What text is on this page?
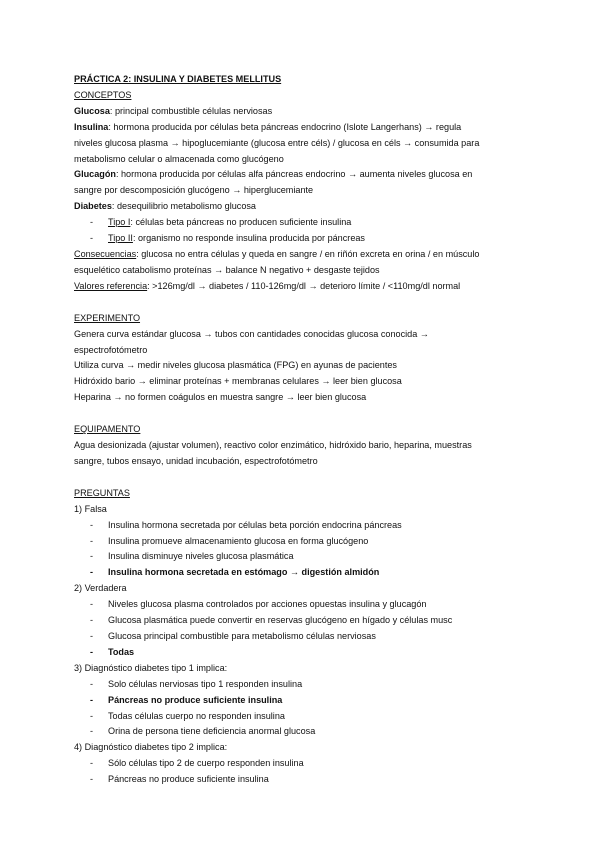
PRÁCTICA 2: INSULINA Y DIABETES MELLITUS
CONCEPTOS
Glucosa: principal combustible células nerviosas
Insulina: hormona producida por células beta páncreas endocrino (Islote Langerhans) → regula
niveles glucosa plasma → hipoglucemiante (glucosa entre céls) / glucosa en céls → consumida para
metabolismo celular o almacenada como glucógeno
Glucagón: hormona producida por células alfa páncreas endocrino → aumenta niveles glucosa en
sangre por descomposición glucógeno → hiperglucemiante
Diabetes: desequilibrio metabolismo glucosa
- Tipo I: células beta páncreas no producen suficiente insulina
- Tipo II: organismo no responde insulina producida por páncreas
Consecuencias: glucosa no entra células y queda en sangre / en riñón excreta en orina / en músculo
esquelético catabolismo proteínas → balance N negativo + desgaste tejidos
Valores referencia: >126mg/dl → diabetes / 110-126mg/dl → deterioro límite / <110mg/dl normal
EXPERIMENTO
Genera curva estándar glucosa → tubos con cantidades conocidas glucosa conocida →
espectrofotómetro
Utiliza curva → medir niveles glucosa plasmática (FPG) en ayunas de pacientes
Hidróxido bario → eliminar proteínas + membranas celulares → leer bien glucosa
Heparina → no formen coágulos en muestra sangre → leer bien glucosa
EQUIPAMENTO
Agua desionizada (ajustar volumen), reactivo color enzimático, hidróxido bario, heparina, muestras
sangre, tubos ensayo, unidad incubación, espectrofotómetro
PREGUNTAS
1) Falsa
- Insulina hormona secretada por células beta porción endocrina páncreas
- Insulina promueve almacenamiento glucosa en forma glucógeno
- Insulina disminuye niveles glucosa plasmática
- Insulina hormona secretada en estómago → digestión almidón
2) Verdadera
- Niveles glucosa plasma controlados por acciones opuestas insulina y glucagón
- Glucosa plasmática puede convertir en reservas glucógeno en hígado y células musc
- Glucosa principal combustible para metabolismo células nerviosas
- Todas
3) Diagnóstico diabetes tipo 1 implica:
- Solo células nerviosas tipo 1 responden insulina
- Páncreas no produce suficiente insulina
- Todas células cuerpo no responden insulina
- Orina de persona tiene deficiencia anormal glucosa
4) Diagnóstico diabetes tipo 2 implica:
- Sólo células tipo 2 de cuerpo responden insulina
- Páncreas no produce suficiente insulina
